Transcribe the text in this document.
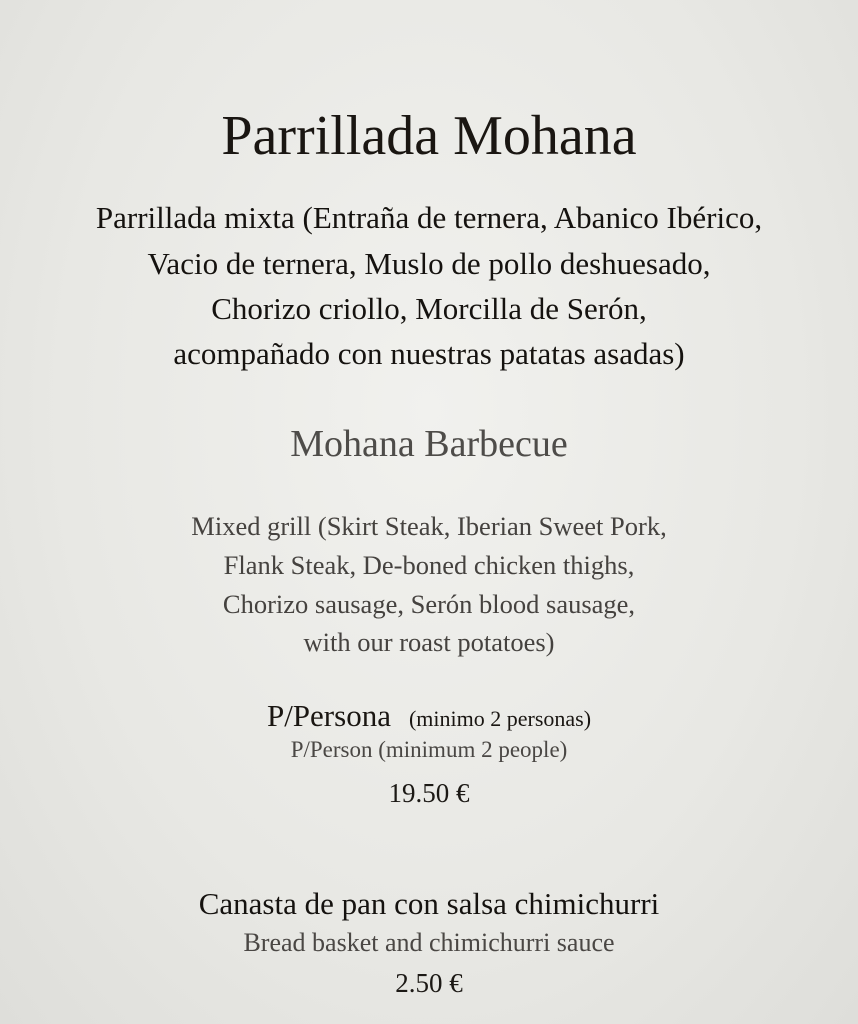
Parrillada Mohana
Parrillada mixta (Entraña de ternera, Abanico Ibérico,
Vacio de ternera, Muslo de pollo deshuesado,
Chorizo criollo, Morcilla de Serón,
acompañado con nuestras patatas asadas)
Mohana Barbecue
Mixed grill (Skirt Steak, Iberian Sweet Pork,
Flank Steak, De-boned chicken thighs,
Chorizo sausage, Serón blood sausage,
with our roast potatoes)
P/Persona (minimo 2 personas)
P/Person (minimum 2 people)
19.50 €
Canasta de pan con salsa chimichurri
Bread basket and chimichurri sauce
2.50 €
